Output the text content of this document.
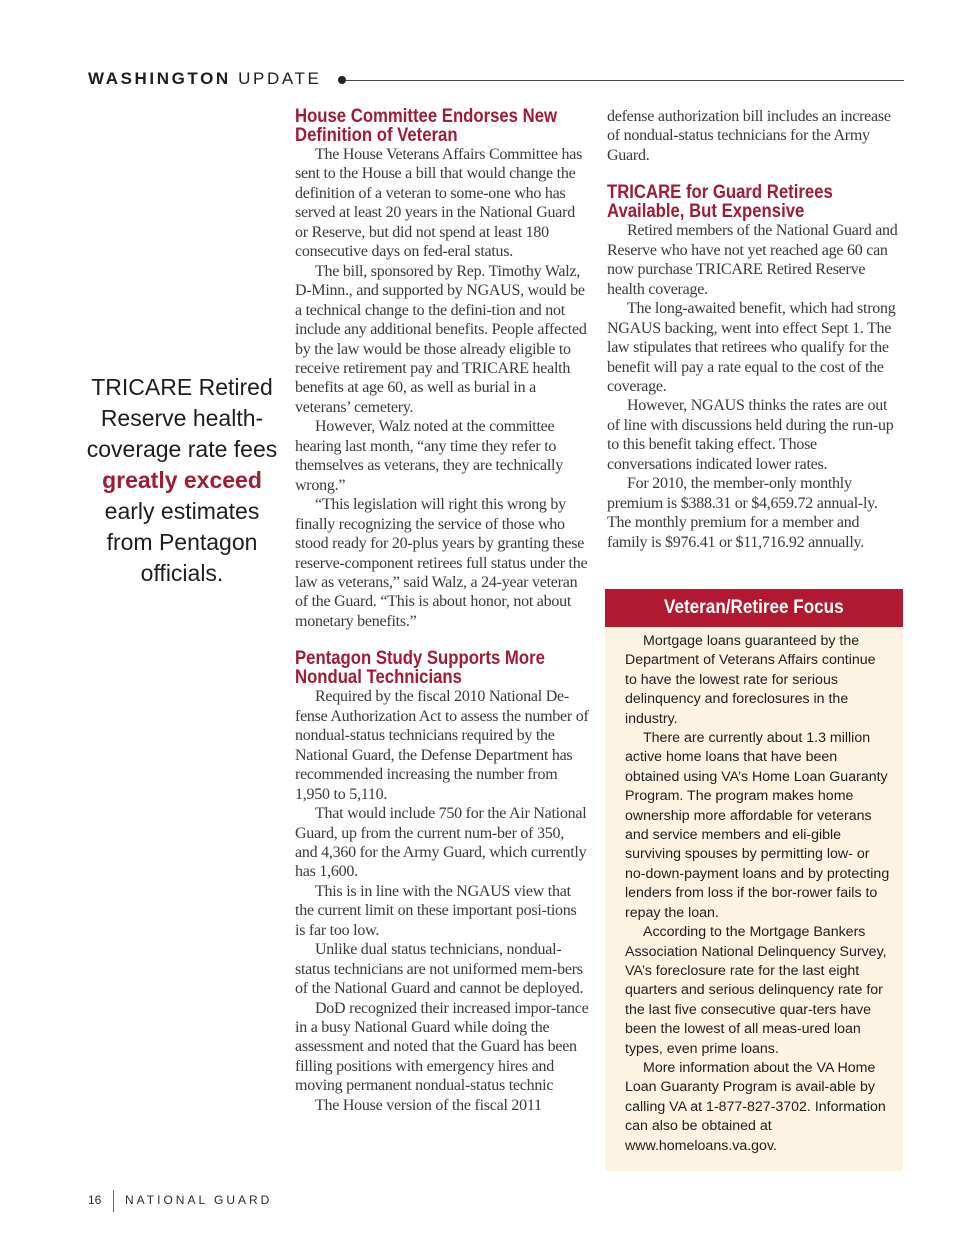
WASHINGTON UPDATE
TRICARE Retired Reserve health-coverage rate fees greatly exceed early estimates from Pentagon officials.
House Committee Endorses New Definition of Veteran

The House Veterans Affairs Committee has sent to the House a bill that would change the definition of a veteran to some-one who has served at least 20 years in the National Guard or Reserve, but did not spend at least 180 consecutive days on fed-eral status.

The bill, sponsored by Rep. Timothy Walz, D-Minn., and supported by NGAUS, would be a technical change to the defini-tion and not include any additional benefits. People affected by the law would be those already eligible to receive retirement pay and TRICARE health benefits at age 60, as well as burial in a veterans’ cemetery.

However, Walz noted at the committee hearing last month, “any time they refer to themselves as veterans, they are technically wrong.”

“This legislation will right this wrong by finally recognizing the service of those who stood ready for 20-plus years by granting these reserve-component retirees full status under the law as veterans,” said Walz, a 24-year veteran of the Guard. “This is about honor, not about monetary benefits.”

Pentagon Study Supports More Nondual Technicians

Required by the fiscal 2010 National De-fense Authorization Act to assess the number of nondual-status technicians required by the National Guard, the Defense Department has recommended increasing the number from 1,950 to 5,110.

That would include 750 for the Air National Guard, up from the current num-ber of 350, and 4,360 for the Army Guard, which currently has 1,600.

This is in line with the NGAUS view that the current limit on these important posi-tions is far too low.

Unlike dual status technicians, nondual-status technicians are not uniformed mem-bers of the National Guard and cannot be deployed.

DoD recognized their increased impor-tance in a busy National Guard while doing the assessment and noted that the Guard has been filling positions with emergency hires and moving permanent nondual-status technic

The House version of the fiscal 2011

defense authorization bill includes an increase of nondual-status technicians for the Army Guard.

TRICARE for Guard Retirees Available, But Expensive

Retired members of the National Guard and Reserve who have not yet reached age 60 can now purchase TRICARE Retired Reserve health coverage.

The long-awaited benefit, which had strong NGAUS backing, went into effect Sept 1. The law stipulates that retirees who qualify for the benefit will pay a rate equal to the cost of the coverage.

However, NGAUS thinks the rates are out of line with discussions held during the run-up to this benefit taking effect. Those conversations indicated lower rates.

For 2010, the member-only monthly premium is $388.31 or $4,659.72 annual-ly. The monthly premium for a member and family is $976.41 or $11,716.92 annually.

Veteran/Retiree Focus

Mortgage loans guaranteed by the Department of Veterans Affairs continue to have the lowest rate for serious delinquency and foreclosures in the industry.

There are currently about 1.3 million active home loans that have been obtained using VA’s Home Loan Guaranty Program. The program makes home ownership more affordable for veterans and service members and eli-gible surviving spouses by permitting low- or no-down-payment loans and by protecting lenders from loss if the bor-rower fails to repay the loan.

According to the Mortgage Bankers Association National Delinquency Survey, VA’s foreclosure rate for the last eight quarters and serious delinquency rate for the last five consecutive quar-ters have been the lowest of all meas-ured loan types, even prime loans.

More information about the VA Home Loan Guaranty Program is avail-able by calling VA at 1-877-827-3702. Information can also be obtained at www.homeloans.va.gov.

16 NATIONAL GUARD
